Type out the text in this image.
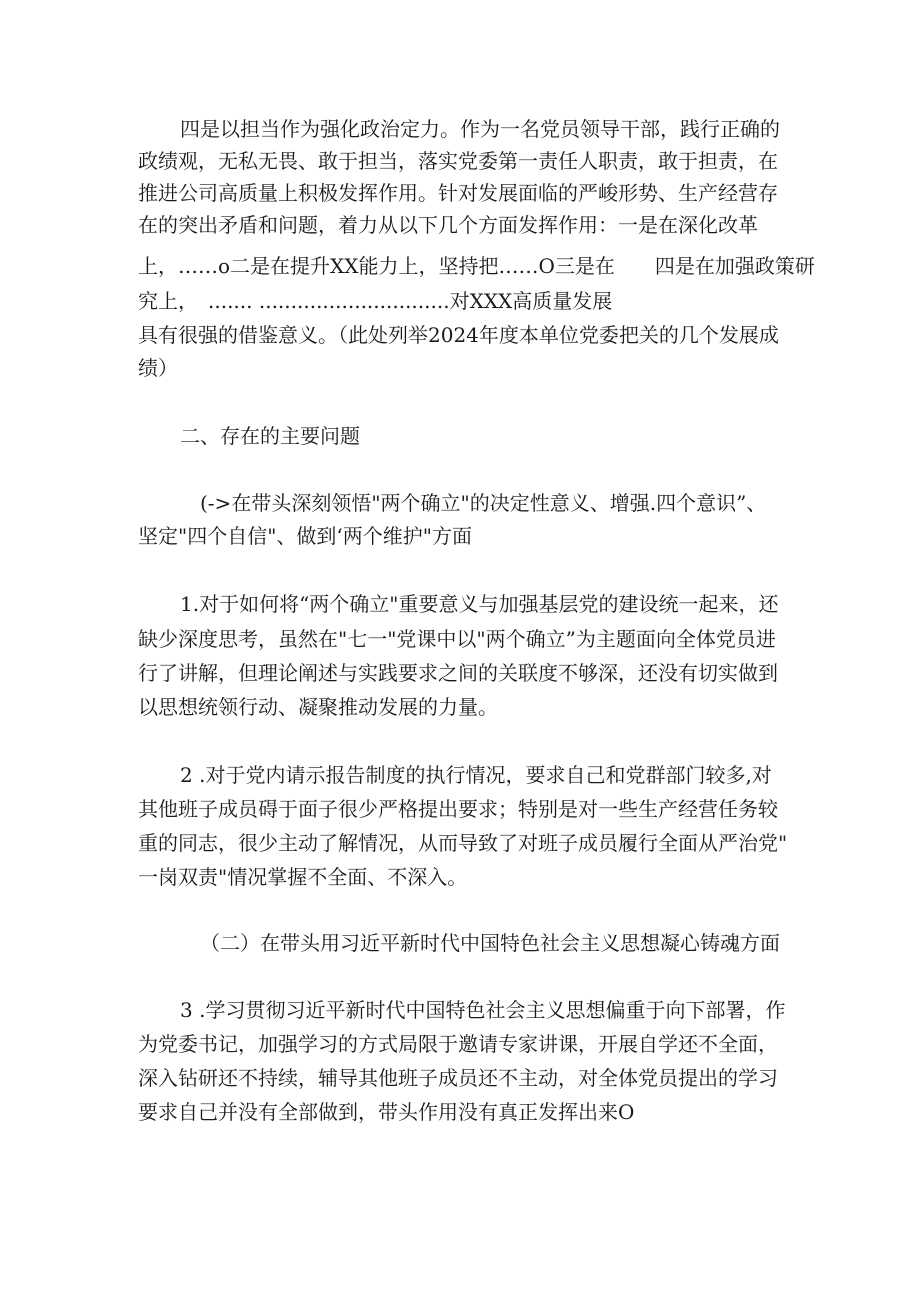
四是以担当作为强化政治定力。作为一名党员领导干部，践行正确的
政绩观，无私无畏、敢于担当，落实党委第一责任人职责，敢于担责，在
推进公司高质量上积极发挥作用。针对发展面临的严峻形势、生产经营存
在的突出矛盾和问题，着力从以下几个方面发挥作用：一是在深化改革
上，……o二是在提升XX能力上，坚持把……O三是在　　四是在加强政策研
究上，　....... ..............................对XXX高质量发展
具有很强的借鉴意义。（此处列举2024年度本单位党委把关的几个发展成
绩）
二、存在的主要问题
(->在带头深刻领悟"两个确立"的决定性意义、增强.四个意识”、
坚定"四个自信"、做到‘两个维护"方面
1.对于如何将“两个确立"重要意义与加强基层党的建设统一起来，还
缺少深度思考，虽然在"七一"党课中以"两个确立”为主题面向全体党员进
行了讲解，但理论阐述与实践要求之间的关联度不够深，还没有切实做到
以思想统领行动、凝聚推动发展的力量。
2 .对于党内请示报告制度的执行情况，要求自己和党群部门较多,对
其他班子成员碍于面子很少严格提出要求；特别是对一些生产经营任务较
重的同志，很少主动了解情况，从而导致了对班子成员履行全面从严治党"
一岗双责"情况掌握不全面、不深入。
（二）在带头用习近平新时代中国特色社会主义思想凝心铸魂方面
3 .学习贯彻习近平新时代中国特色社会主义思想偏重于向下部署，作
为党委书记，加强学习的方式局限于邀请专家讲课，开展自学还不全面，
深入钻研还不持续，辅导其他班子成员还不主动，对全体党员提出的学习
要求自己并没有全部做到，带头作用没有真正发挥出来O
